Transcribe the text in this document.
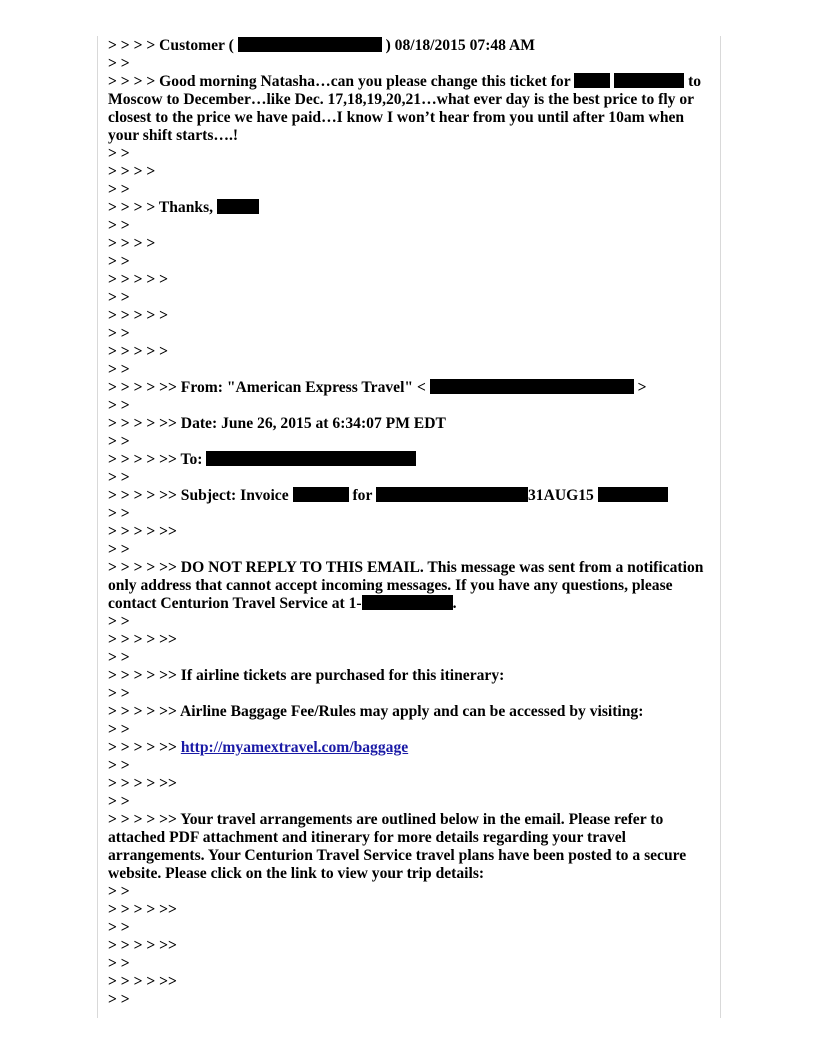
> > > > Customer (	) 08/18/2015 07:48 AM

> >

> > > > Good morning Natasha…can you please change this ticket for	to Moscow to December…like Dec. 17,18,19,20,21…what ever day is the best price to fly or closest to the price we have paid…I know I won’t hear from you until after 10am when your shift starts….!

> >

> > > >

> >

> > > > Thanks,

> >

> > > >

> >

> > > > >

> >

> > > > >

> >

> > > > >

> >

> > > > >> From: "American Express Travel" <	>

> >

> > > > >> Date: June 26, 2015 at 6:34:07 PM EDT

> >

> > > > >> To:

> >

> > > > >> Subject: Invoice	for	31AUG15

> >

> > > > >>

> >

> > > > >> DO NOT REPLY TO THIS EMAIL. This message was sent from a notification only address that cannot accept incoming messages. If you have any questions, please contact Centurion Travel Service at 1-	.

> >

> > > > >>

> >

> > > > >> If airline tickets are purchased for this itinerary:

> >

> > > > >> Airline Baggage Fee/Rules may apply and can be accessed by visiting:

> >

> > > > >> http://myamextravel.com/baggage

> >

> > > > >>

> >

> > > > >> Your travel arrangements are outlined below in the email. Please refer to attached PDF attachment and itinerary for more details regarding your travel arrangements. Your Centurion Travel Service travel plans have been posted to a secure website. Please click on the link to view your trip details:

> >

> > > > >>

> >

> > > > >>

> >

> > > > >>

> >
